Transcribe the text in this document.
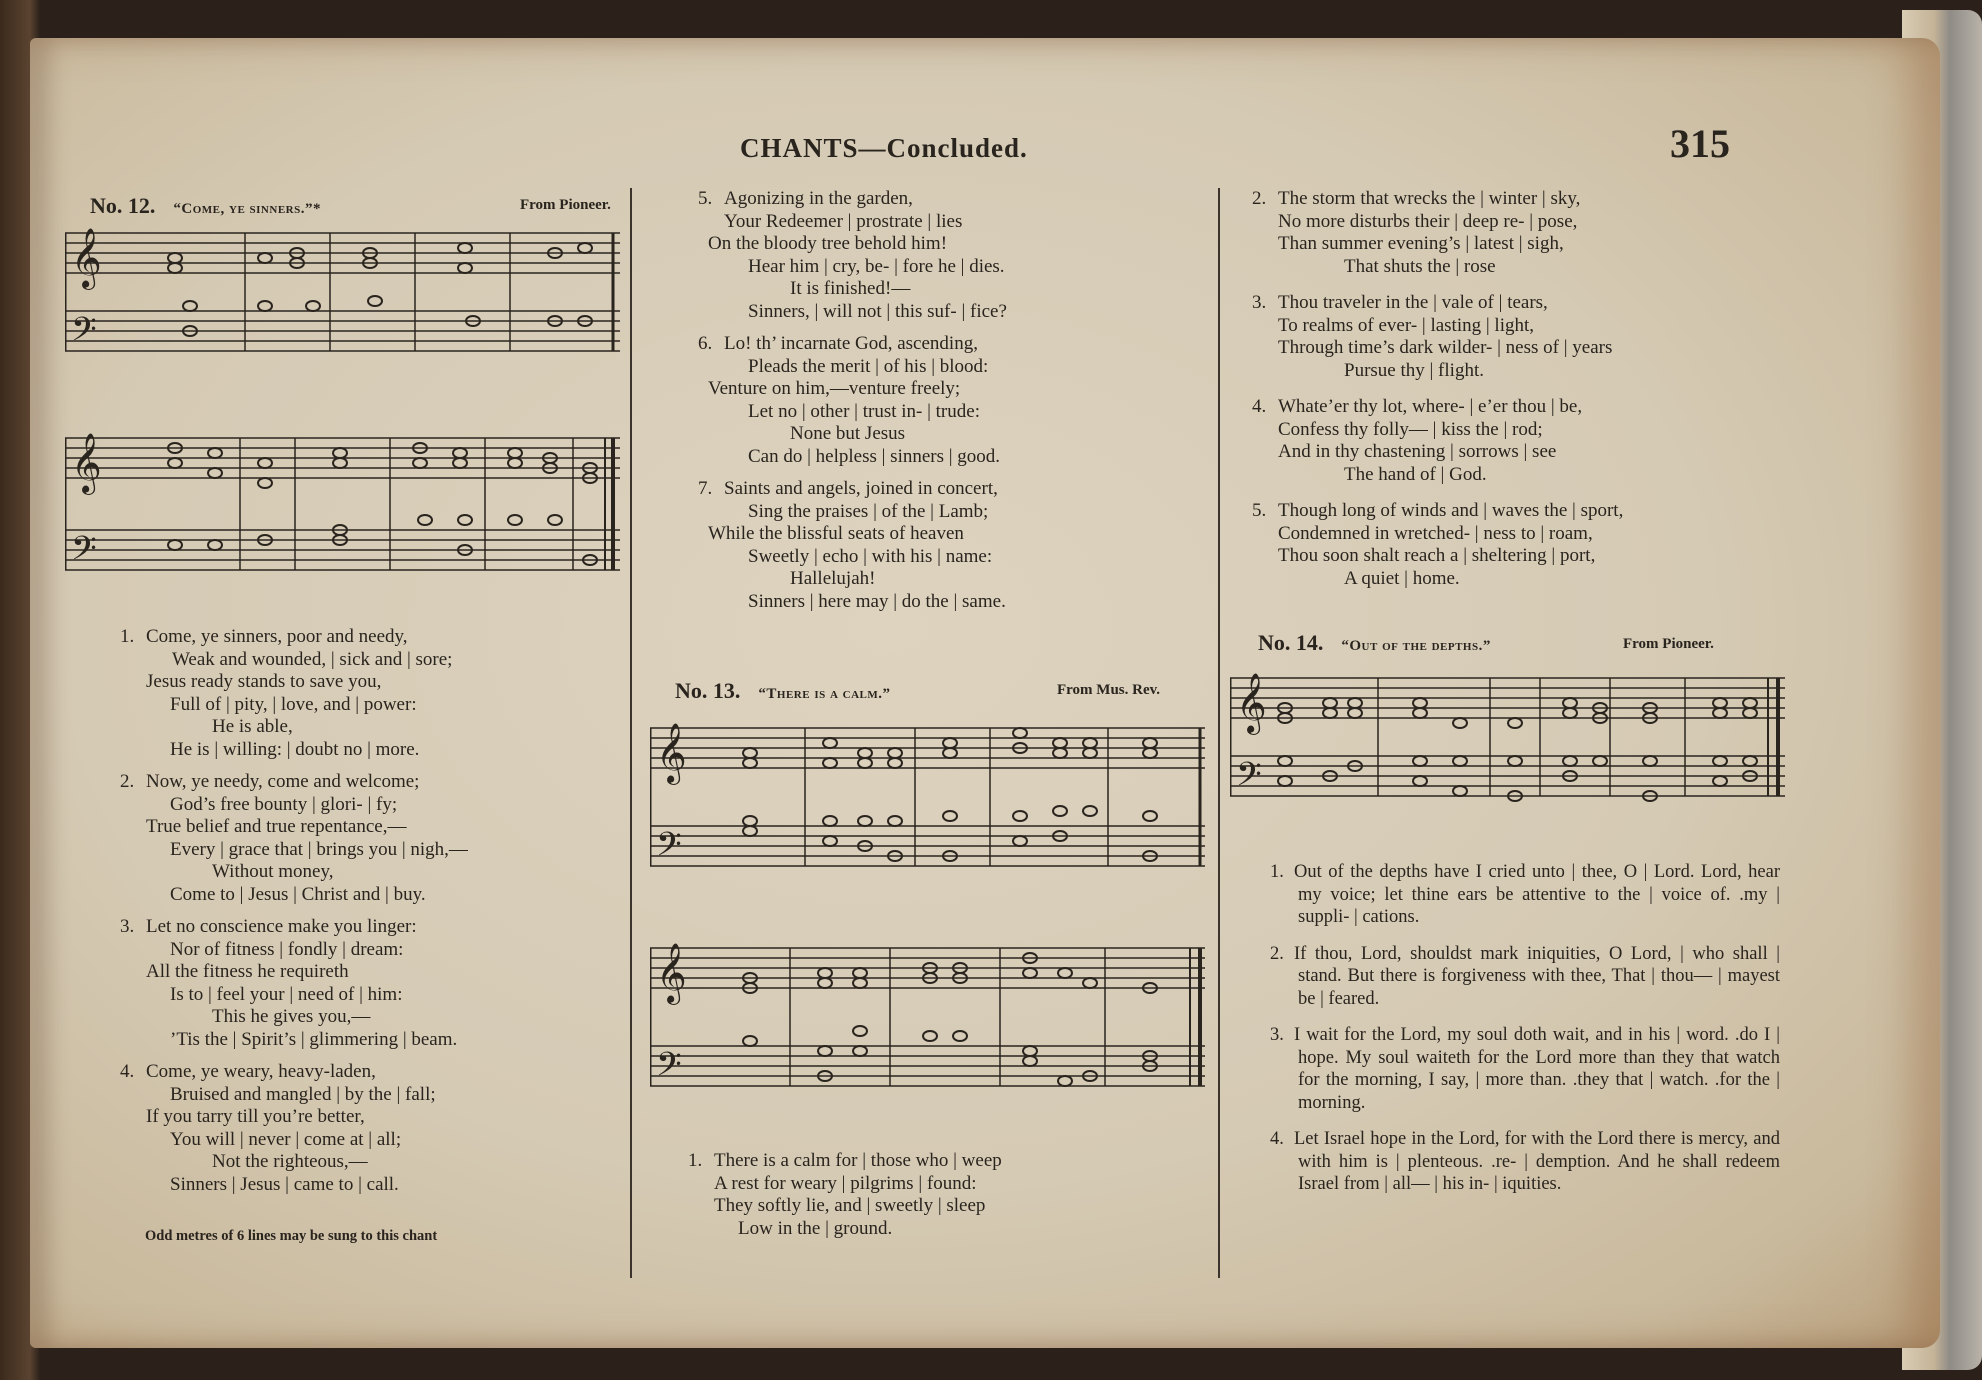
CHANTS—Concluded.	315
No. 12. “Come, ye sinners.”*	From Pioneer.
𝄞
𝄢
𝄞
𝄢
1. Come, ye sinners, poor and needy,
Weak and wounded, | sick and | sore;
Jesus ready stands to save you,
Full of | pity, | love, and | power:
He is able,
He is | willing: | doubt no | more.
2. Now, ye needy, come and welcome;
God’s free bounty | glori- | fy;
True belief and true repentance,—
Every | grace that | brings you | nigh,—
Without money,
Come to | Jesus | Christ and | buy.
3. Let no conscience make you linger:
Nor of fitness | fondly | dream:
All the fitness he requireth
Is to | feel your | need of | him:
This he gives you,—
’Tis the | Spirit’s | glimmering | beam.
4. Come, ye weary, heavy-laden,
Bruised and mangled | by the | fall;
If you tarry till you’re better,
You will | never | come at | all;
Not the righteous,—
Sinners | Jesus | came to | call.
Odd metres of 6 lines may be sung to this chant
5. Agonizing in the garden,
Your Redeemer | prostrate | lies
On the bloody tree behold him!
Hear him | cry, be- | fore he | dies.
It is finished!—
Sinners, | will not | this suf- | fice?
6. Lo! th’ incarnate God, ascending,
Pleads the merit | of his | blood:
Venture on him,—venture freely;
Let no | other | trust in- | trude:
None but Jesus
Can do | helpless | sinners | good.
7. Saints and angels, joined in concert,
Sing the praises | of the | Lamb;
While the blissful seats of heaven
Sweetly | echo | with his | name:
Hallelujah!
Sinners | here may | do the | same.
No. 13. “There is a calm.”	From Mus. Rev.
𝄞
𝄢
𝄞
𝄢
1. There is a calm for | those who | weep
A rest for weary | pilgrims | found:
They softly lie, and | sweetly | sleep
Low in the | ground.
2. The storm that wrecks the | winter | sky,
No more disturbs their | deep re- | pose,
Than summer evening’s | latest | sigh,
That shuts the | rose
3. Thou traveler in the | vale of | tears,
To realms of ever- | lasting | light,
Through time’s dark wilder- | ness of | years
Pursue thy | flight.
4. Whate’er thy lot, where- | e’er thou | be,
Confess thy folly— | kiss the | rod;
And in thy chastening | sorrows | see
The hand of | God.
5. Though long of winds and | waves the | sport,
Condemned in wretched- | ness to | roam,
Thou soon shalt reach a | sheltering | port,
A quiet | home.
No. 14. “Out of the depths.”	From Pioneer.
𝄞
𝄢
1. Out of the depths have I cried unto | thee, O | Lord. Lord, hear my voice; let thine ears be attentive to the | voice of. .my | suppli- | cations.
2. If thou, Lord, shouldst mark iniquities, O Lord, | who shall | stand. But there is forgiveness with thee, That | thou— | mayest be | feared.
3. I wait for the Lord, my soul doth wait, and in his | word. .do I | hope. My soul waiteth for the Lord more than they that watch for the morning, I say, | more than. .they that | watch. .for the | morning.
4. Let Israel hope in the Lord, for with the Lord there is mercy, and with him is | plenteous. .re- | demption. And he shall redeem Israel from | all— | his in- | iquities.
